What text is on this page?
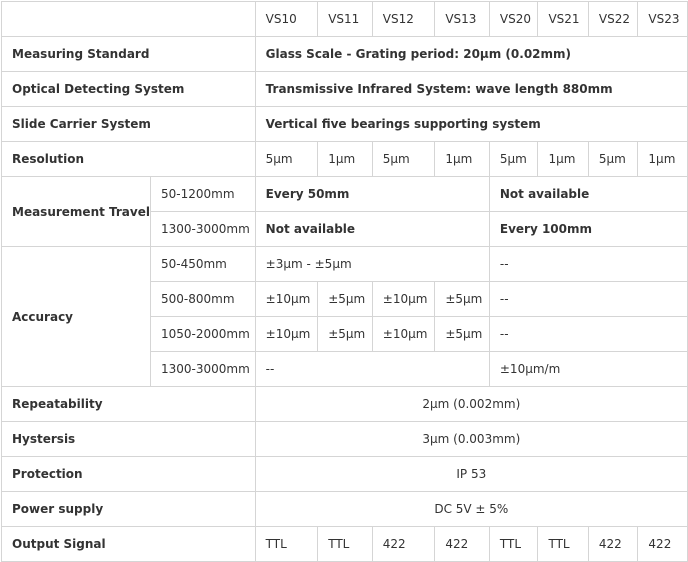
		VS10	VS11	VS12	VS13	VS20	VS21	VS22	VS23
Measuring Standard		Glass Scale - Grating period: 20μm (0.02mm)							
Optical Detecting System		Transmissive Infrared System: wave length 880mm							
Slide Carrier System		Vertical five bearings supporting system							
Resolution		5μm	1μm	5μm	1μm	5μm	1μm	5μm	1μm
Measurement Travel	50-1200mm	Every 50mm				Not available			
	1300-3000mm	Not available				Every 100mm			
Accuracy	50-450mm	±3μm - ±5μm				--			
	500-800mm	±10μm	±5μm	±10μm	±5μm	--			
	1050-2000mm	±10μm	±5μm	±10μm	±5μm	--			
	1300-3000mm	--				±10μm/m			
Repeatability		2μm (0.002mm)							
Hystersis		3μm (0.003mm)							
Protection		IP 53							
Power supply		DC 5V ± 5%							
Output Signal		TTL	TTL	422	422	TTL	TTL	422	422
